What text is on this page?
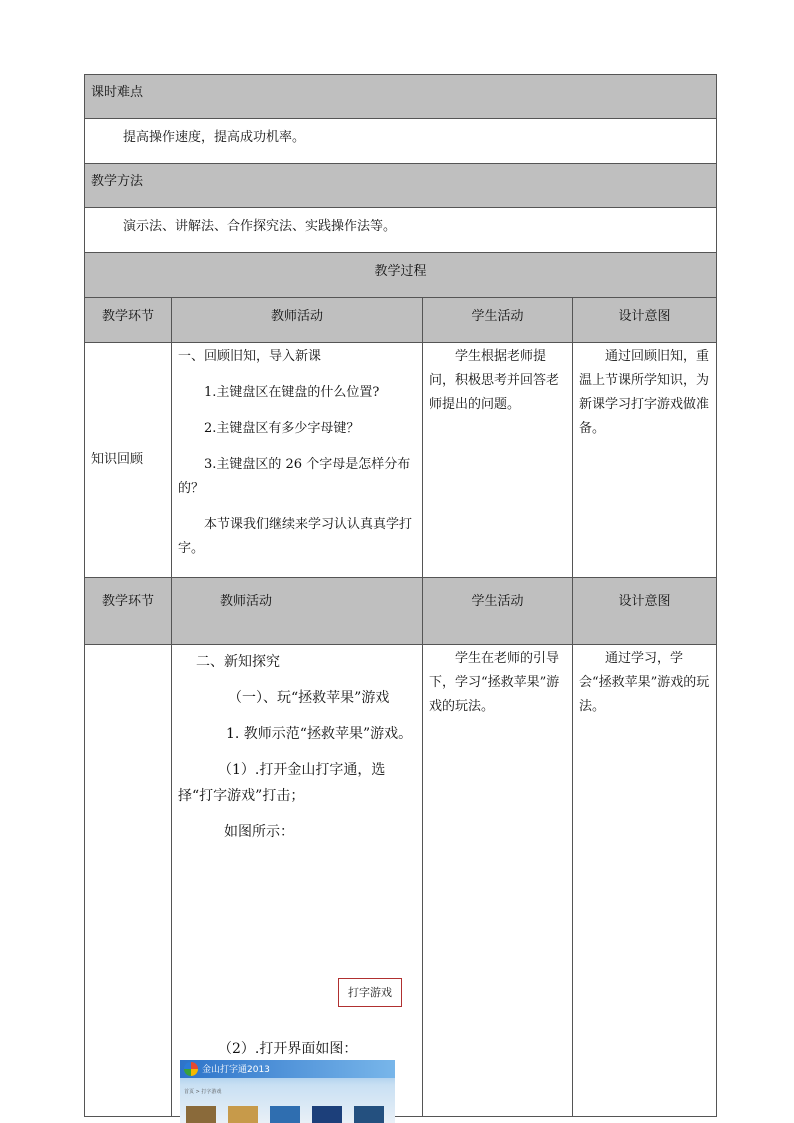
课时难点			
提高操作速度，提高成功机率。			
教学方法			
演示法、讲解法、合作探究法、实践操作法等。			
教学过程			
教学环节	教师活动	学生活动	设计意图
知识回顾	一、回顾旧知，导入新课

1.主键盘区在键盘的什么位置?

2.主键盘区有多少字母键？

3.主键盘区的 26 个字母是怎样分布的？

本节课我们继续来学习认认真真学打字。	学生根据老师提问，积极思考并回答老师提出的问题。	通过回顾旧知，重温上节课所学知识，为新课学习打字游戏做准备。
教学环节	教师活动	学生活动	设计意图

	二、新知探究

（一）、玩“拯救苹果”游戏

1. 教师示范“拯救苹果”游戏。

（1）.打开金山打字通，选择“打字游戏”打击；

如图所示：	学生在老师的引导下，学习“拯救苹果”游戏的玩法。	通过学习，学会“拯救苹果”游戏的玩法。
打字游戏
（2）.打开界面如图：
金山打字通2013
首页 > 打字游戏
